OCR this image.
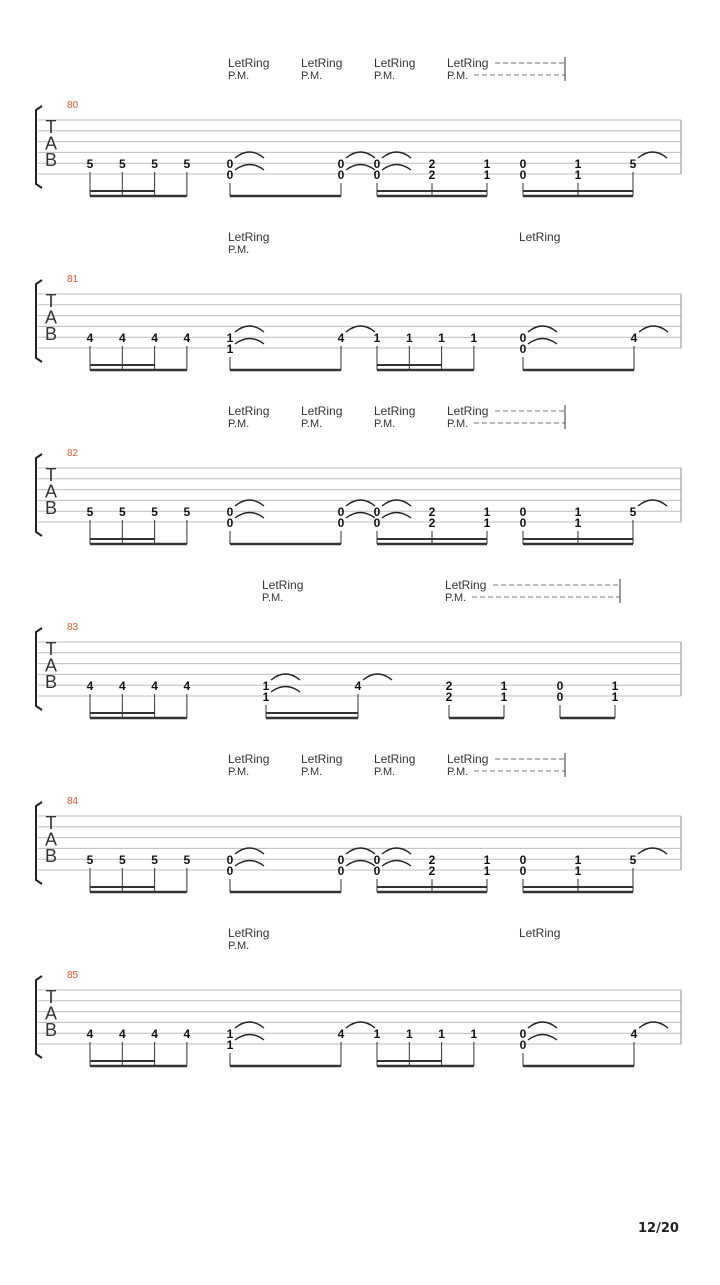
T
A
B
80
5 5 5 5	0
0
0
0
0
0
2
2
1
1
0
0
1
1
5
LetRing
P.M.
LetRing
P.M.
LetRing
P.M.
LetRing
P.M.
T
A
B
81
4 4 4 4	1
1
4 1 1 1 1	0
0
4
LetRing
P.M.
LetRing
T
A
B
82
5 5 5 5	0
0
0
0
0
0
2
2
1
1
0
0
1
1
5
LetRing
P.M.
LetRing
P.M.
LetRing
P.M.
LetRing
P.M.
T
A
B
83
4 4 4 4	1
1
4	2
2
1
1
0
0
1
1
LetRing
P.M.
LetRing
P.M.
T
A
B
84
5 5 5 5	0
0
0
0
0
0
2
2
1
1
0
0
1
1
5
LetRing
P.M.
LetRing
P.M.
LetRing
P.M.
LetRing
P.M.
T
A
B
85
4 4 4 4	1
1
4 1 1 1 1	0
0
4
LetRing
P.M.
LetRing
12/20
